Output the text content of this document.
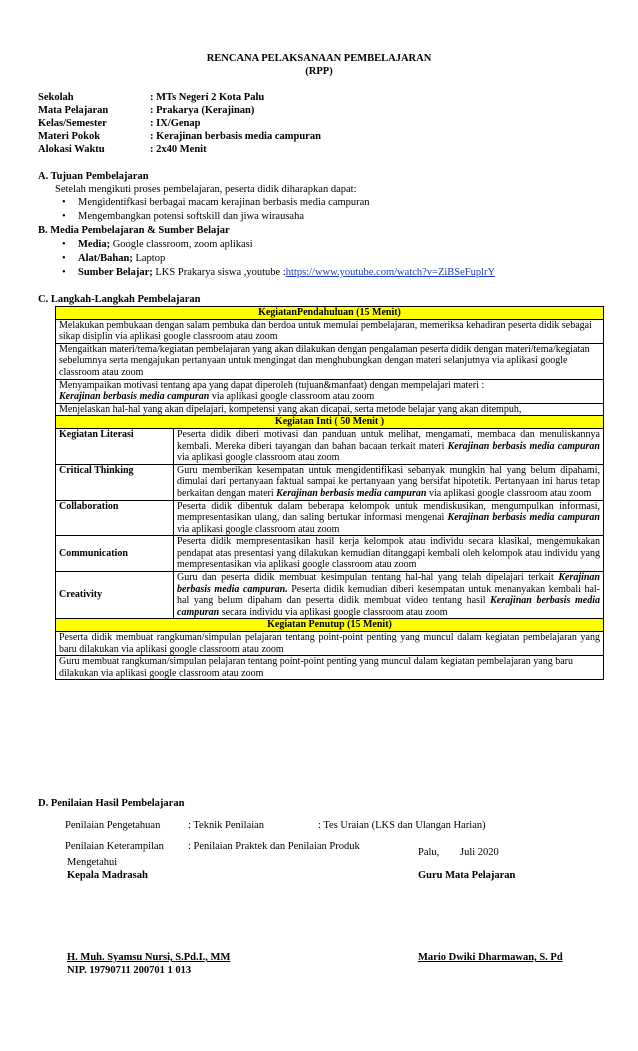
RENCANA PELAKSANAAN PEMBELAJARAN
(RPP)
Sekolah	: MTs Negeri 2 Kota Palu
Mata Pelajaran	: Prakarya (Kerajinan)
Kelas/Semester	: IX/Genap
Materi Pokok	: Kerajinan berbasis media campuran
Alokasi Waktu	: 2x40 Menit
A. Tujuan Pembelajaran
Setelah mengikuti proses pembelajaran, peserta didik diharapkan dapat:
• Mengidentifkasi berbagai macam kerajinan berbasis media campuran
• Mengembangkan potensi softskill dan jiwa wirausaha
B. Media Pembelajaran & Sumber Belajar
• Media; Google classroom, zoom aplikasi
• Alat/Bahan; Laptop
• Sumber Belajar; LKS Prakarya siswa ,youtube :https://www.youtube.com/watch?v=ZiBSeFuplrY
C. Langkah-Langkah Pembelajaran
KegiatanPendahuluan (15 Menit)	
Melakukan pembukaan dengan salam pembuka dan berdoa untuk memulai pembelajaran, memeriksa kehadiran peserta didik sebagai sikap disiplin via aplikasi google classroom atau zoom	
Mengaitkan materi/tema/kegiatan pembelajaran yang akan dilakukan dengan pengalaman peserta didik dengan materi/tema/kegiatan sebelumnya serta mengajukan pertanyaan untuk mengingat dan menghubungkan dengan materi selanjutnya via aplikasi google classroom atau zoom	
Menyampaikan motivasi tentang apa yang dapat diperoleh (tujuan&manfaat) dengan mempelajari materi :
Kerajinan berbasis media campuran via aplikasi google classroom atau zoom	
Menjelaskan hal-hal yang akan dipelajari, kompetensi yang akan dicapai, serta metode belajar yang akan ditempuh,	
Kegiatan Inti ( 50 Menit )	
Kegiatan Literasi	Peserta didik diberi motivasi dan panduan untuk melihat, mengamati, membaca dan menuliskannya kembali. Mereka diberi tayangan dan bahan bacaan terkait materi Kerajinan berbasis media campuran via aplikasi google classroom atau zoom
Critical Thinking	Guru memberikan kesempatan untuk mengidentifikasi sebanyak mungkin hal yang belum dipahami, dimulai dari pertanyaan faktual sampai ke pertanyaan yang bersifat hipotetik. Pertanyaan ini harus tetap berkaitan dengan materi Kerajinan berbasis media campuran via aplikasi google classroom atau zoom
Collaboration	Peserta didik dibentuk dalam beberapa kelompok untuk mendiskusikan, mengumpulkan informasi, mempresentasikan ulang, dan saling bertukar informasi mengenai Kerajinan berbasis media campuran via aplikasi google classroom atau zoom
Communication	Peserta didik mempresentasikan hasil kerja kelompok atau individu secara klasikal, mengemukakan pendapat atas presentasi yang dilakukan kemudian ditanggapi kembali oleh kelompok atau individu yang mempresentasikan via aplikasi google classroom atau zoom
Creativity	Guru dan peserta didik membuat kesimpulan tentang hal-hal yang telah dipelajari terkait Kerajinan berbasis media campuran. Peserta didik kemudian diberi kesempatan untuk menanyakan kembali hal-hal yang belum dipaham dan peserta didik membuat video tentang hasil Kerajinan berbasis media campuran secara individu via aplikasi google classroom atau zoom
Kegiatan Penutup (15 Menit)	
Peserta didik membuat rangkuman/simpulan pelajaran tentang point-point penting yang muncul dalam kegiatan pembelajaran yang baru dilakukan via aplikasi google classroom atau zoom	
Guru membuat rangkuman/simpulan pelajaran tentang point-point penting yang muncul dalam kegiatan pembelajaran yang baru dilakukan via aplikasi google classroom atau zoom	
D. Penilaian Hasil Pembelajaran
Penilaian Pengetahuan	: Teknik Penilaian	: Tes Uraian (LKS dan Ulangan Harian)
Penilaian Keterampilan : Penilaian Praktek dan Penilaian Produk
Palu, Juli 2020
Mengetahui
Kepala Madrasah	Guru Mata Pelajaran
H. Muh. Syamsu Nursi, S.Pd.I., MM
NIP. 19790711 200701 1 013
Mario Dwiki Dharmawan, S. Pd
